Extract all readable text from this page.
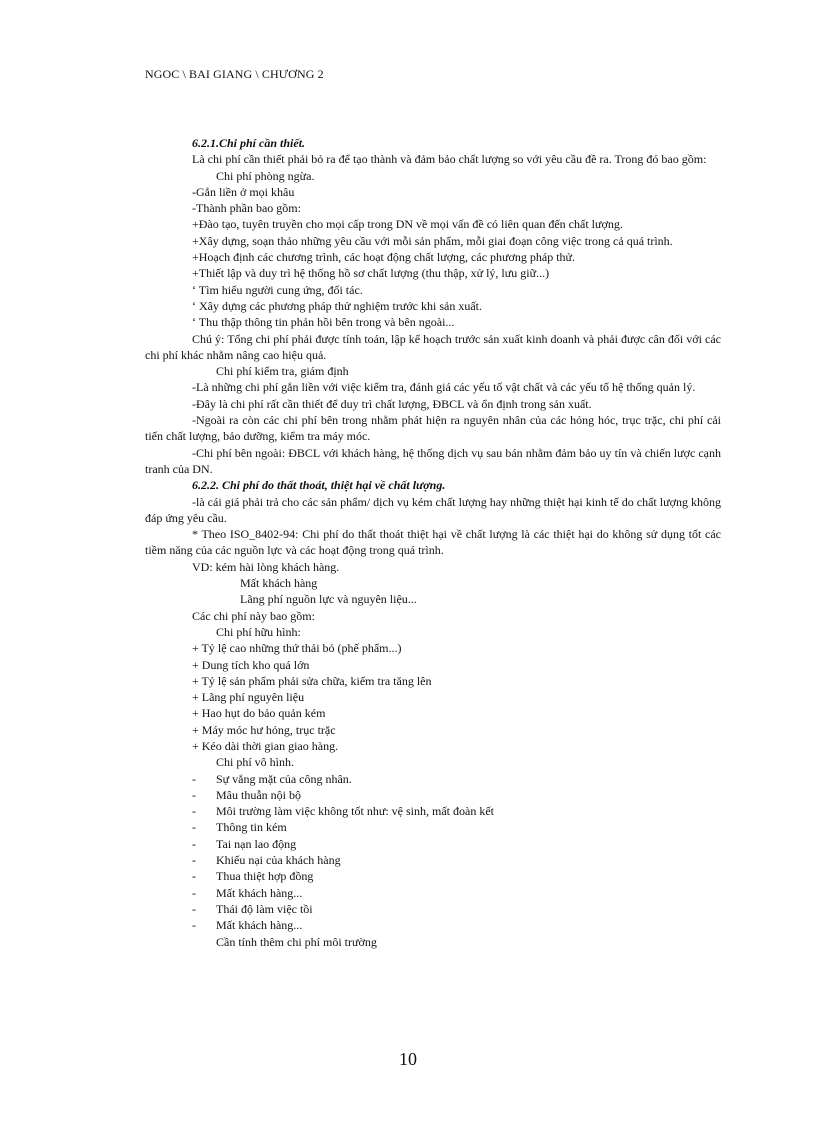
NGOC \ BAI GIANG \ CHƯƠNG 2

6.2.1.Chi phí cần thiết.

Là chi phí cần thiết phải bỏ ra để tạo thành và đảm bảo chất lượng so với yêu cầu đề ra. Trong đó bao gồm:

Chi phí phòng ngừa.

-Gắn liền ở mọi khâu

-Thành phần bao gồm:

+Đào tạo, tuyên truyền cho mọi cấp trong DN về mọi vấn đề có liên quan đến chất lượng.

+Xây dựng, soạn thảo những yêu cầu với mỗi sản phẩm, mỗi giai đoạn công việc trong cả quá trình.

+Hoạch định các chương trình, các hoạt động chất lượng, các phương pháp thử.

+Thiết lập và duy trì hệ thống hồ sơ chất lượng (thu thập, xử lý, lưu giữ...)

‘ Tìm hiểu người cung ứng, đối tác.

‘ Xây dựng các phương pháp thử nghiệm trước khi sản xuất.

‘ Thu thập thông tin phản hồi bên trong và bên ngoài...

Chú ý: Tổng chi phí phải được tính toán, lập kế hoạch trước sản xuất kinh doanh và phải được cân đối với các chi phí khác nhằm nâng cao hiệu quả.

Chi phí kiểm tra, giám định

-Là những chi phí gắn liền với việc kiểm tra, đánh giá các yếu tố vật chất và các yếu tố hệ thống quản lý.

-Đây là chi phí rất cần thiết để duy trì chất lượng, ĐBCL và ổn định trong sản xuất.

-Ngoài ra còn các chi phí bên trong nhằm phát hiện ra nguyên nhân của các hỏng hóc, trục trặc, chi phí cải tiến chất lượng, bảo dưỡng, kiểm tra máy móc.

-Chi phí bên ngoài: ĐBCL với khách hàng, hệ thống dịch vụ sau bán nhằm đảm bảo uy tín và chiến lược cạnh tranh của DN.

6.2.2. Chi phí do thất thoát, thiệt hại về chất lượng.

-là cái giá phải trả cho các sản phẩm/ dịch vụ kém chất lượng hay những thiệt hại kinh tế do chất lượng không đáp ứng yêu cầu.

* Theo ISO_8402-94: Chi phí do thất thoát thiệt hại về chất lượng là các thiệt hại do không sử dụng tốt các tiềm năng của các nguồn lực và các hoạt động trong quá trình.

VD: kém hài lòng khách hàng.

Mất khách hàng

Lãng phí nguồn lực và nguyên liệu...

Các chi phí này bao gồm:

Chi phí hữu hình:

+ Tỷ lệ cao những thứ thải bỏ (phế phẩm...)

+ Dung tích kho quá lớn

+ Tỷ lệ sản phẩm phải sửa chữa, kiểm tra tăng lên

+ Lãng phí nguyên liệu

+ Hao hụt do bảo quản kém

+ Máy móc hư hỏng, trục trặc

+ Kéo dài thời gian giao hàng.

Chi phí vô hình.

- Sự vắng mặt của công nhân.

- Mâu thuẫn nội bộ

- Môi trường làm việc không tốt như: vệ sinh, mất đoàn kết

- Thông tin kém

- Tai nạn lao động

- Khiếu nại của khách hàng

- Thua thiệt hợp đồng

- Mất khách hàng...

- Thái độ làm việc tồi

- Mất khách hàng...

Cần tính thêm chi phí môi trường

10
